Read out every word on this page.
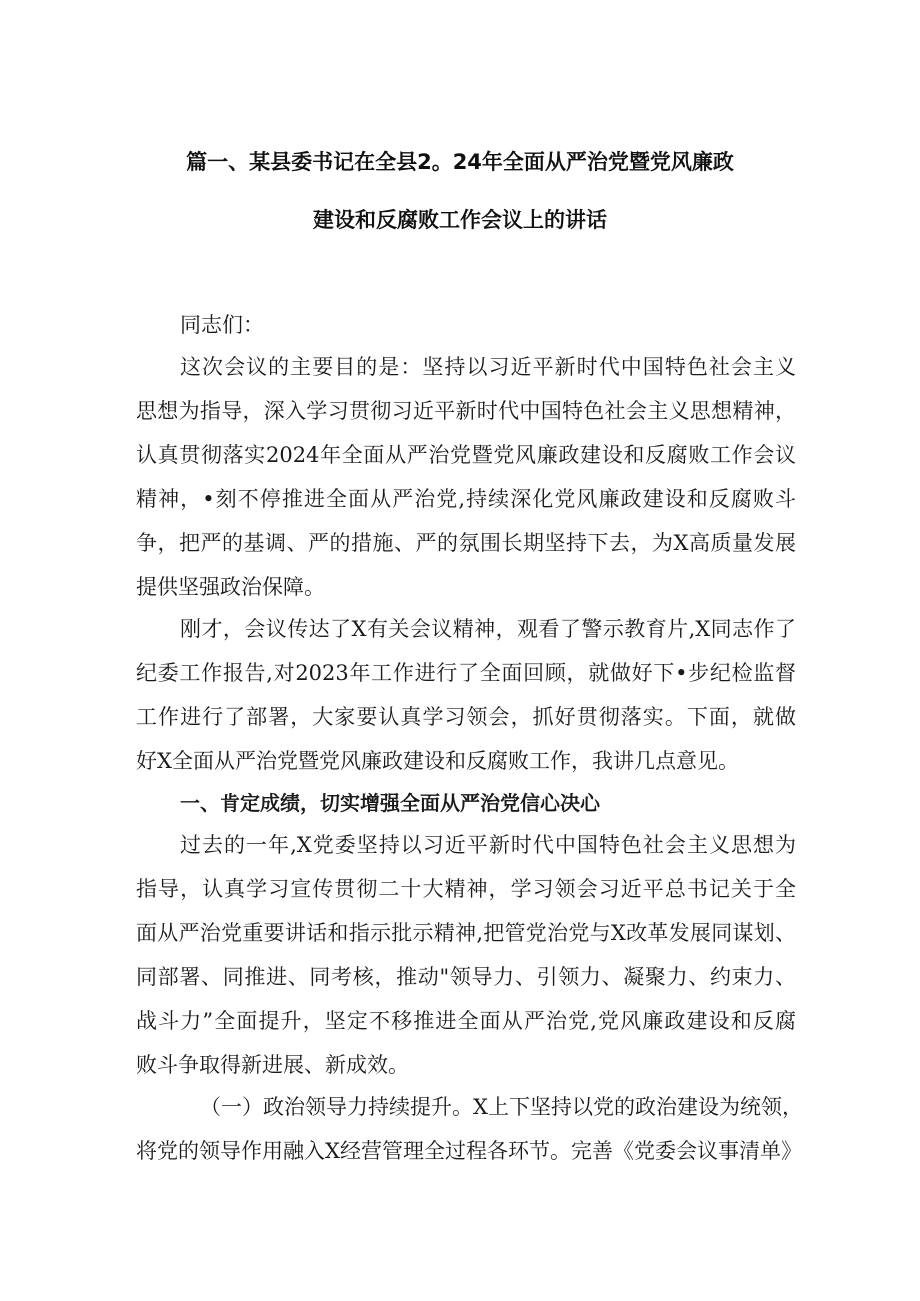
篇一、某县委书记在全县2。24年全面从严治党暨党风廉政
建设和反腐败工作会议上的讲话
同志们：
这次会议的主要目的是：坚持以习近平新时代中国特色社会主义
思想为指导，深入学习贯彻习近平新时代中国特色社会主义思想精神，
认真贯彻落实2024年全面从严治党暨党风廉政建设和反腐败工作会议
精神，•刻不停推进全面从严治党,持续深化党风廉政建设和反腐败斗
争，把严的基调、严的措施、严的氛围长期坚持下去，为X高质量发展
提供坚强政治保障。
刚才，会议传达了X有关会议精神，观看了警示教育片,X同志作了
纪委工作报告,对2023年工作进行了全面回顾，就做好下•步纪检监督
工作进行了部署，大家要认真学习领会，抓好贯彻落实。下面，就做
好X全面从严治党暨党风廉政建设和反腐败工作，我讲几点意见。
一、肯定成绩，切实增强全面从严治党信心决心
过去的一年,X党委坚持以习近平新时代中国特色社会主义思想为
指导，认真学习宣传贯彻二十大精神，学习领会习近平总书记关于全
面从严治党重要讲话和指示批示精神,把管党治党与X改革发展同谋划、
同部署、同推进、同考核，推动"领导力、引领力、凝聚力、约束力、
战斗力”全面提升，坚定不移推进全面从严治党,党风廉政建设和反腐
败斗争取得新进展、新成效。
（一）政治领导力持续提升。X上下坚持以党的政治建设为统领，
将党的领导作用融入X经营管理全过程各环节。完善《党委会议事清单》
